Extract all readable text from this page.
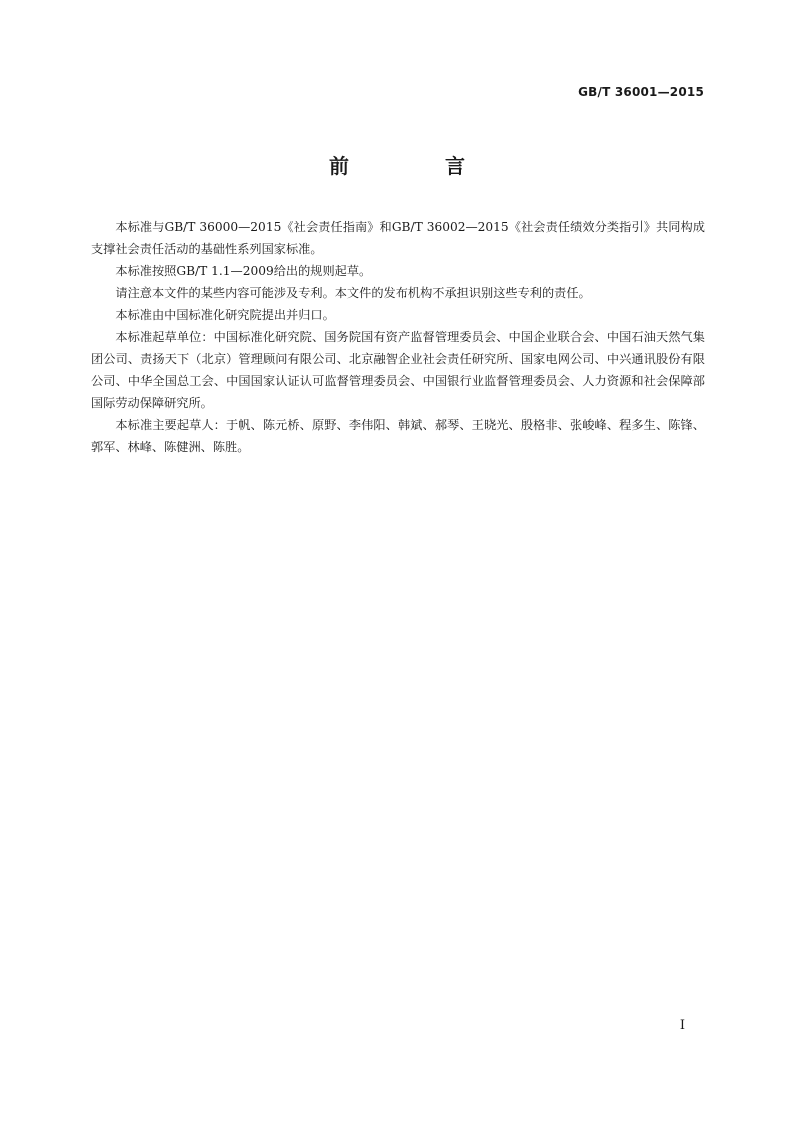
GB/T 36001—2015
前　言

本标准与GB/T 36000—2015《社会责任指南》和GB/T 36002—2015《社会责任绩效分类指引》共同构成支撑社会责任活动的基础性系列国家标准。

本标准按照GB/T 1.1—2009给出的规则起草。

请注意本文件的某些内容可能涉及专利。本文件的发布机构不承担识别这些专利的责任。

本标准由中国标准化研究院提出并归口。

本标准起草单位：中国标准化研究院、国务院国有资产监督管理委员会、中国企业联合会、中国石油天然气集团公司、责扬天下（北京）管理顾问有限公司、北京融智企业社会责任研究所、国家电网公司、中兴通讯股份有限公司、中华全国总工会、中国国家认证认可监督管理委员会、中国银行业监督管理委员会、人力资源和社会保障部国际劳动保障研究所。

本标准主要起草人：于帆、陈元桥、原野、李伟阳、韩斌、郝琴、王晓光、殷格非、张峻峰、程多生、陈锋、郭军、林峰、陈健洲、陈胜。

I
